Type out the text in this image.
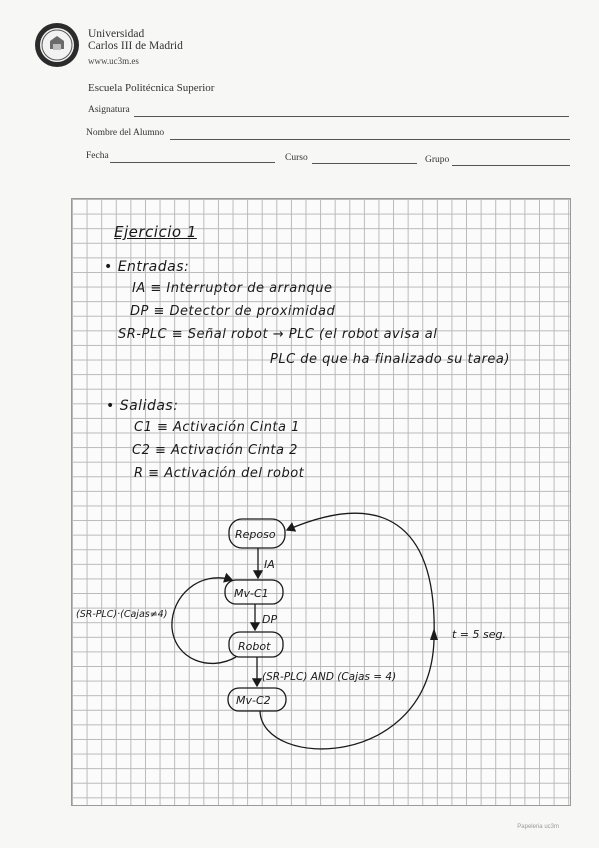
Universidad
Carlos III de Madrid
www.uc3m.es
Escuela Politécnica Superior
Asignatura
Nombre del Alumno
Fecha	Curso	Grupo
Ejercicio 1
• Entradas:
IA ≡ Interruptor de arranque
DP ≡ Detector de proximidad
SR-PLC ≡ Señal robot → PLC (el robot avisa al
PLC de que ha finalizado su tarea)
• Salidas:
C1 ≡ Activación Cinta 1
C2 ≡ Activación Cinta 2
R ≡ Activación del robot
Reposo
Mv-C1
Robot
Mv-C2
IA
DP
(SR-PLC)·(Cajas≠4)
(SR-PLC) AND (Cajas = 4)
t = 5 seg.
Papeleria uc3m
